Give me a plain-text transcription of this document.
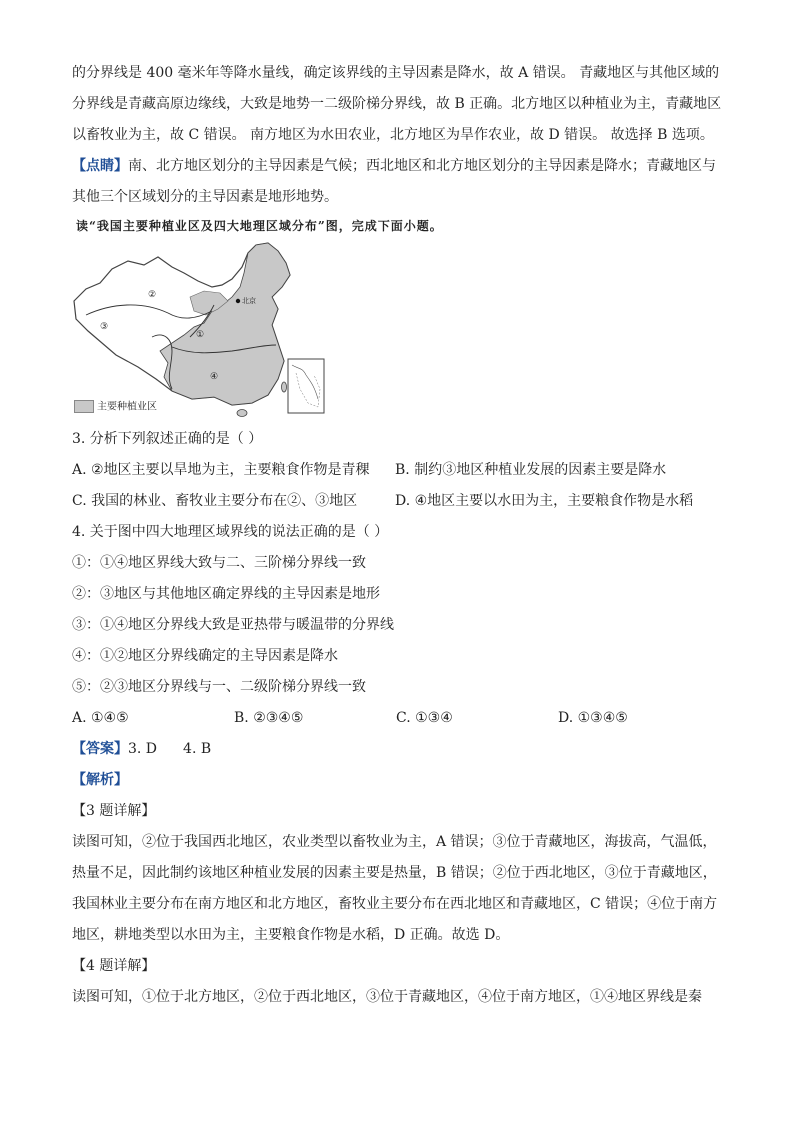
的分界线是 400 毫米年等降水量线，确定该界线的主导因素是降水，故 A 错误。 青藏地区与其他区域的
分界线是青藏高原边缘线，大致是地势一二级阶梯分界线，故 B 正确。北方地区以种植业为主，青藏地区
以畜牧业为主，故 C 错误。 南方地区为水田农业，北方地区为旱作农业，故 D 错误。 故选择 B 选项。
【点睛】南、北方地区划分的主导因素是气候；西北地区和北方地区划分的主导因素是降水；青藏地区与
其他三个区域划分的主导因素是地形地势。
读“我国主要种植业区及四大地理区域分布”图，完成下面小题。
北京
①
②
③
④
主要种植业区
3. 分析下列叙述正确的是（ ）
A. ②地区主要以旱地为主，主要粮食作物是青稞 B. 制约③地区种植业发展的因素主要是降水
C. 我国的林业、畜牧业主要分布在②、③地区	D. ④地区主要以水田为主，主要粮食作物是水稻
4. 关于图中四大地理区域界线的说法正确的是（ ）
①：①④地区界线大致与二、三阶梯分界线一致
②：③地区与其他地区确定界线的主导因素是地形
③：①④地区分界线大致是亚热带与暖温带的分界线
④：①②地区分界线确定的主导因素是降水
⑤：②③地区分界线与一、二级阶梯分界线一致
A. ①④⑤	B. ②③④⑤	C. ①③④	D. ①③④⑤
【答案】3. D 4. B
【解析】
【3 题详解】
读图可知，②位于我国西北地区，农业类型以畜牧业为主，A 错误；③位于青藏地区，海拔高，气温低，
热量不足，因此制约该地区种植业发展的因素主要是热量，B 错误；②位于西北地区，③位于青藏地区，
我国林业主要分布在南方地区和北方地区，畜牧业主要分布在西北地区和青藏地区，C 错误；④位于南方
地区，耕地类型以水田为主，主要粮食作物是水稻，D 正确。故选 D。
【4 题详解】
读图可知，①位于北方地区，②位于西北地区，③位于青藏地区，④位于南方地区，①④地区界线是秦
